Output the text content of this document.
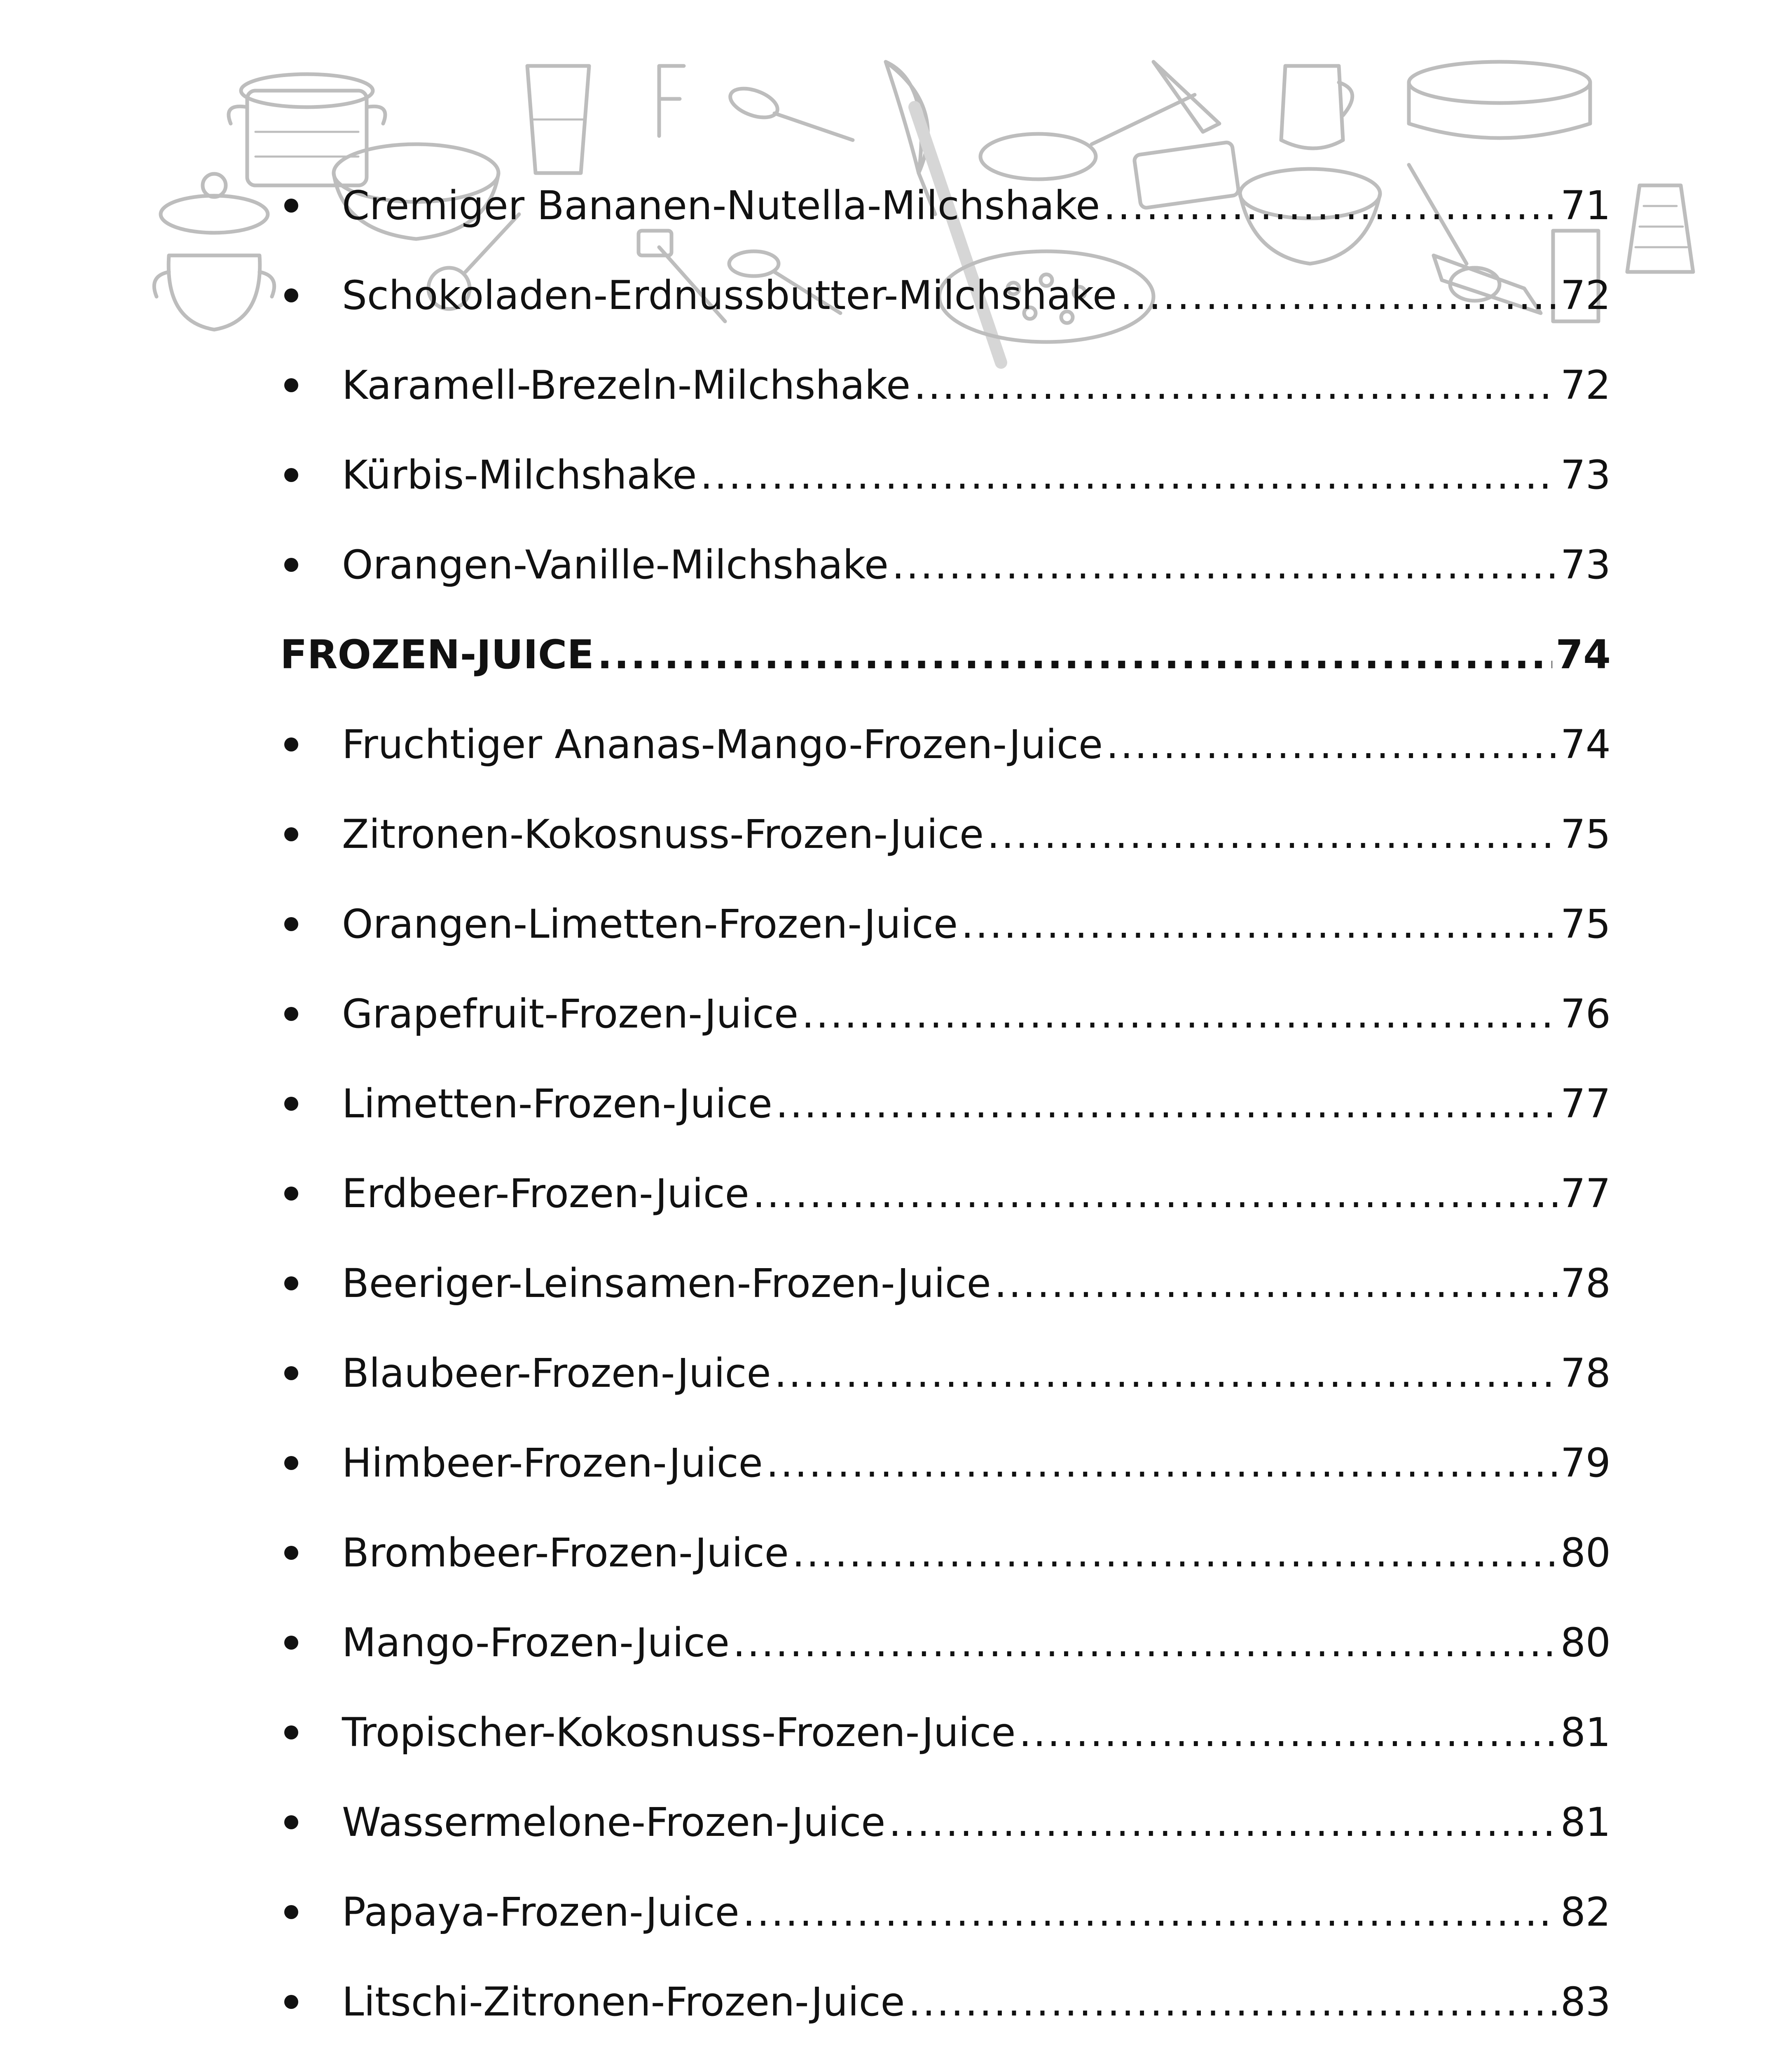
Cremiger Bananen-Nutella-Milchshake .....	71
Schokoladen-Erdnussbutter-Milchshake .....	72
Karamell-Brezeln-Milchshake .....	72
Kürbis-Milchshake .....	73
Orangen-Vanille-Milchshake .....	73
FROZEN-JUICE .....	74
Fruchtiger Ananas-Mango-Frozen-Juice .....	74
Zitronen-Kokosnuss-Frozen-Juice .....	75
Orangen-Limetten-Frozen-Juice .....	75
Grapefruit-Frozen-Juice .....	76
Limetten-Frozen-Juice .....	77
Erdbeer-Frozen-Juice .....	77
Beeriger-Leinsamen-Frozen-Juice .....	78
Blaubeer-Frozen-Juice .....	78
Himbeer-Frozen-Juice .....	79
Brombeer-Frozen-Juice .....	80
Mango-Frozen-Juice .....	80
Tropischer-Kokosnuss-Frozen-Juice .....	81
Wassermelone-Frozen-Juice .....	81
Papaya-Frozen-Juice .....	82
Litschi-Zitronen-Frozen-Juice .....	83
